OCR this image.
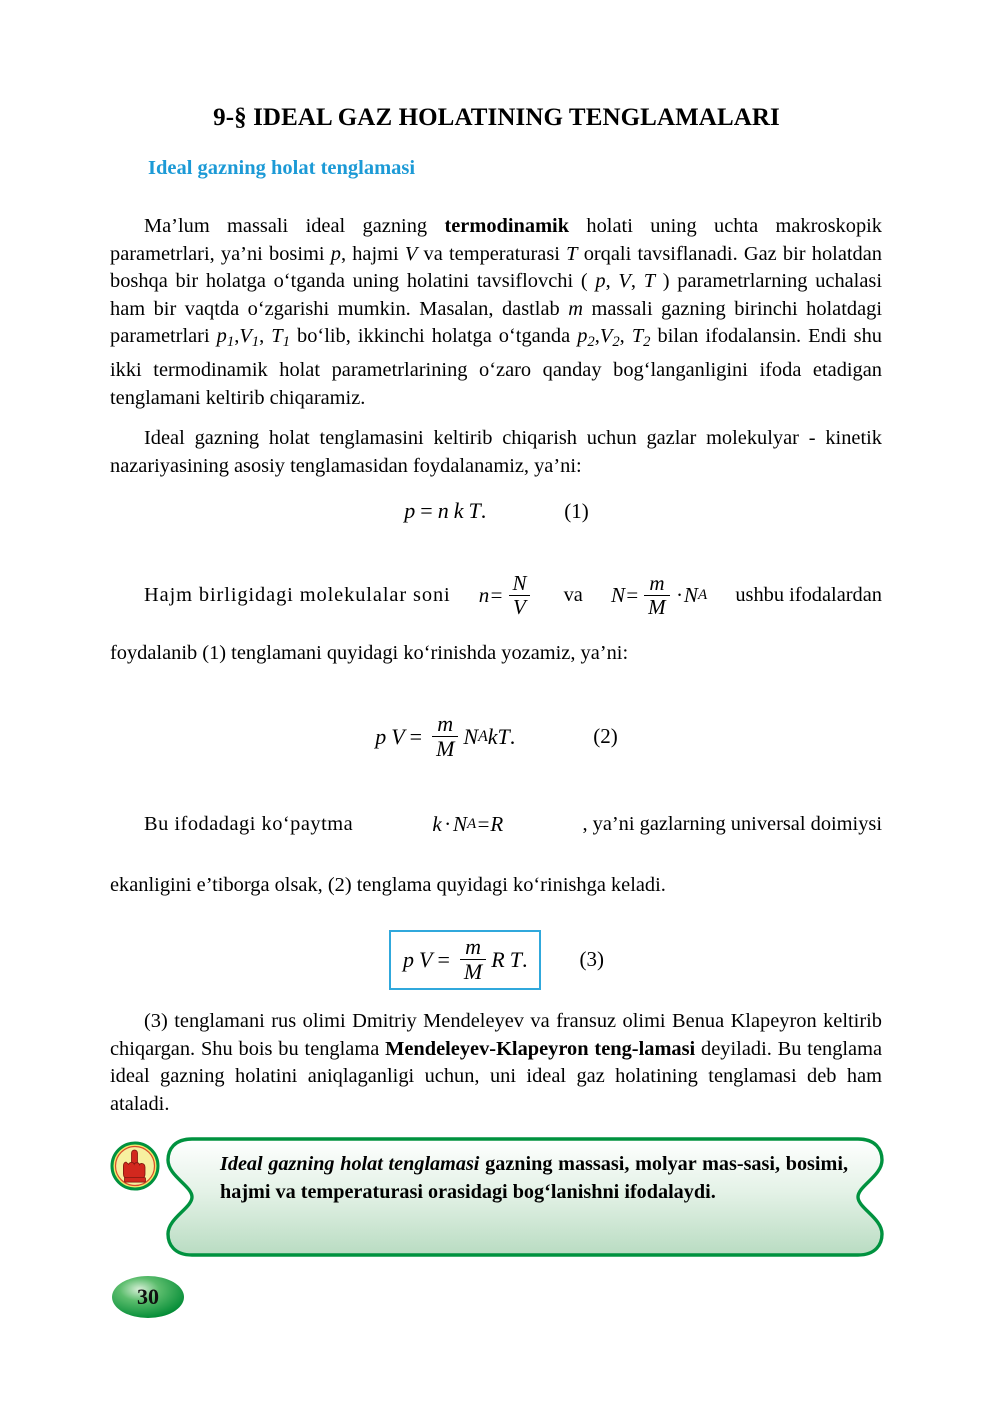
9-§ IDEAL GAZ HOLATINING TENGLAMALARI
Ideal gazning holat tenglamasi
Ma’lum massali ideal gazning termodinamik holati uning uchta makroskopik parametrlari, ya’ni bosimi p, hajmi V va temperaturasi T orqali tavsiflanadi. Gaz bir holatdan boshqa bir holatga o‘tganda uning holatini tavsiflovchi ( p, V, T ) parametrlarning uchalasi ham bir vaqtda o‘zgarishi mumkin. Masalan, dastlab m massali gazning birinchi holatdagi parametrlari $p_1,V_1$, $T_1$ bo‘lib, ikkinchi holatga o‘tganda $p_2,V_2$, $T_2$ bilan ifodalansin. Endi shu ikki termodinamik holat parametrlarining o‘zaro qanday bog‘langanligini ifoda etadigan tenglamani keltirib chiqaramiz.
Ideal gazning holat tenglamasini keltirib chiqarish uchun gazlar molekulyar - kinetik nazariyasining asosiy tenglamasidan foydalanamiz, ya’ni:
p = n k T .	(1)
Hajm birligidagi molekulalar soni $n = \frac{N}{V}$ va $N = \frac{m}{M} \cdot N$ A ushbu ifodalardan
foydalanib (1) tenglamani quyidagi ko‘rinishda yozamiz, ya’ni:
p $V = \frac{m}{M}$ N A k T .	(2)
Bu ifodadagi ko‘paytma	k · N A = R	, ya’ni gazlarning universal doimiysi
ekanligini e’tiborga olsak, (2) tenglama quyidagi ko‘rinishga keladi.
p $V = \frac{m}{M}$ R T . (3)
(3) tenglamani rus olimi Dmitriy Mendeleyev va fransuz olimi Benua Klapeyron keltirib chiqargan. Shu bois bu tenglama Mendeleyev-Klapeyron teng-lamasi deyiladi. Bu tenglama ideal gazning holatini aniqlaganligi uchun, uni ideal gaz holatining tenglamasi deb ham ataladi.
Ideal gazning holat tenglamasi gazning massasi, molyar mas-sasi, bosimi, hajmi va temperaturasi orasidagi bog‘lanishni ifodalaydi.
30
